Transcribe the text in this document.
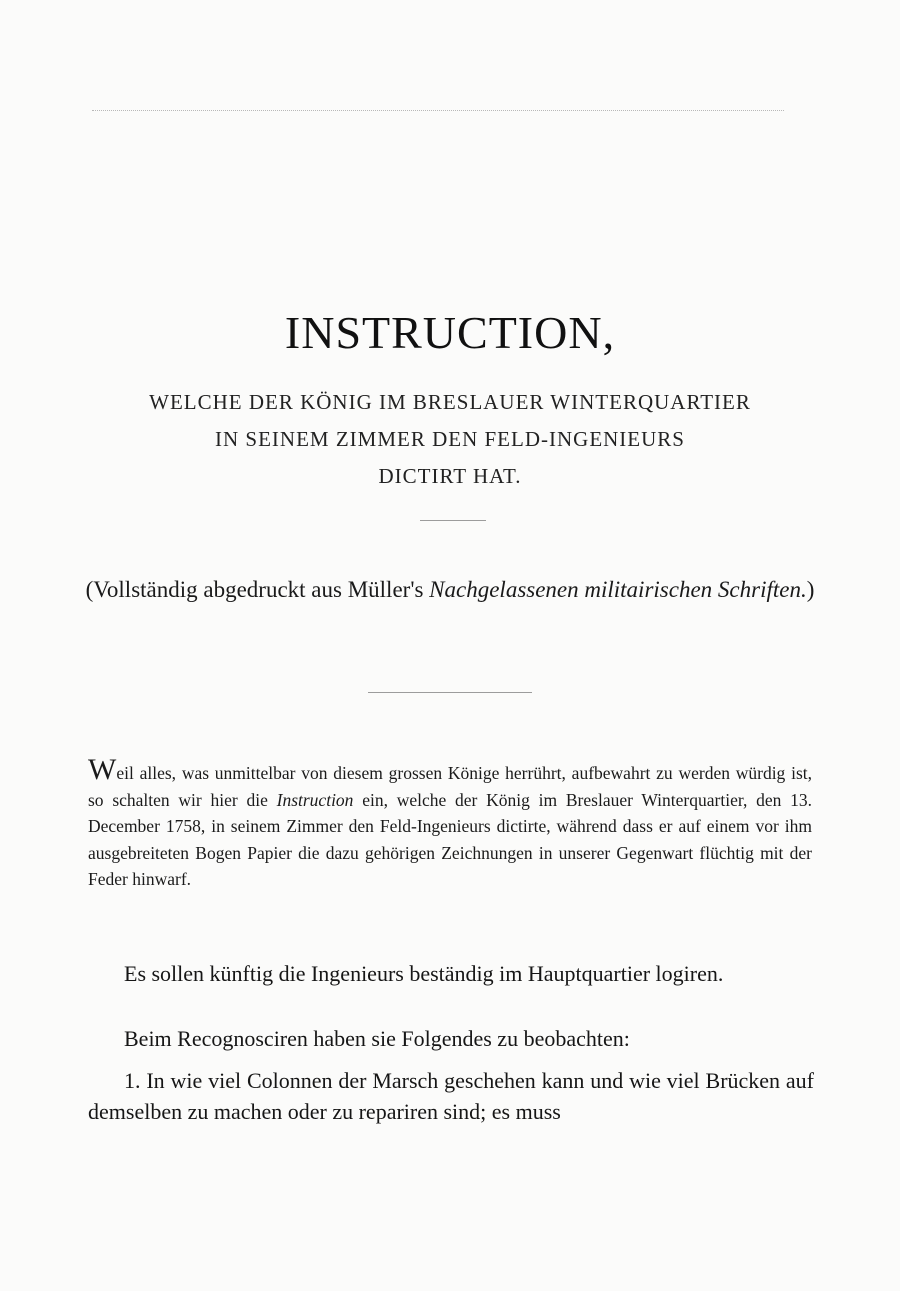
INSTRUCTION,
WELCHE DER KÖNIG IM BRESLAUER WINTERQUARTIER
IN SEINEM ZIMMER DEN FELD-INGENIEURS
DICTIRT HAT.
(Vollständig abgedruckt aus Müller's Nachgelassenen militairischen Schriften.)
Weil alles, was unmittelbar von diesem grossen Könige herrührt, aufbewahrt zu werden würdig ist, so schalten wir hier die Instruction ein, welche der König im Breslauer Winterquartier, den 13. December 1758, in seinem Zimmer den Feld-Ingenieurs dictirte, während dass er auf einem vor ihm ausgebreiteten Bogen Papier die dazu gehörigen Zeichnungen in unserer Gegenwart flüchtig mit der Feder hinwarf.
Es sollen künftig die Ingenieurs beständig im Hauptquartier logiren.
Beim Recognosciren haben sie Folgendes zu beobachten:
1. In wie viel Colonnen der Marsch geschehen kann und wie viel Brücken auf demselben zu machen oder zu repariren sind; es muss
